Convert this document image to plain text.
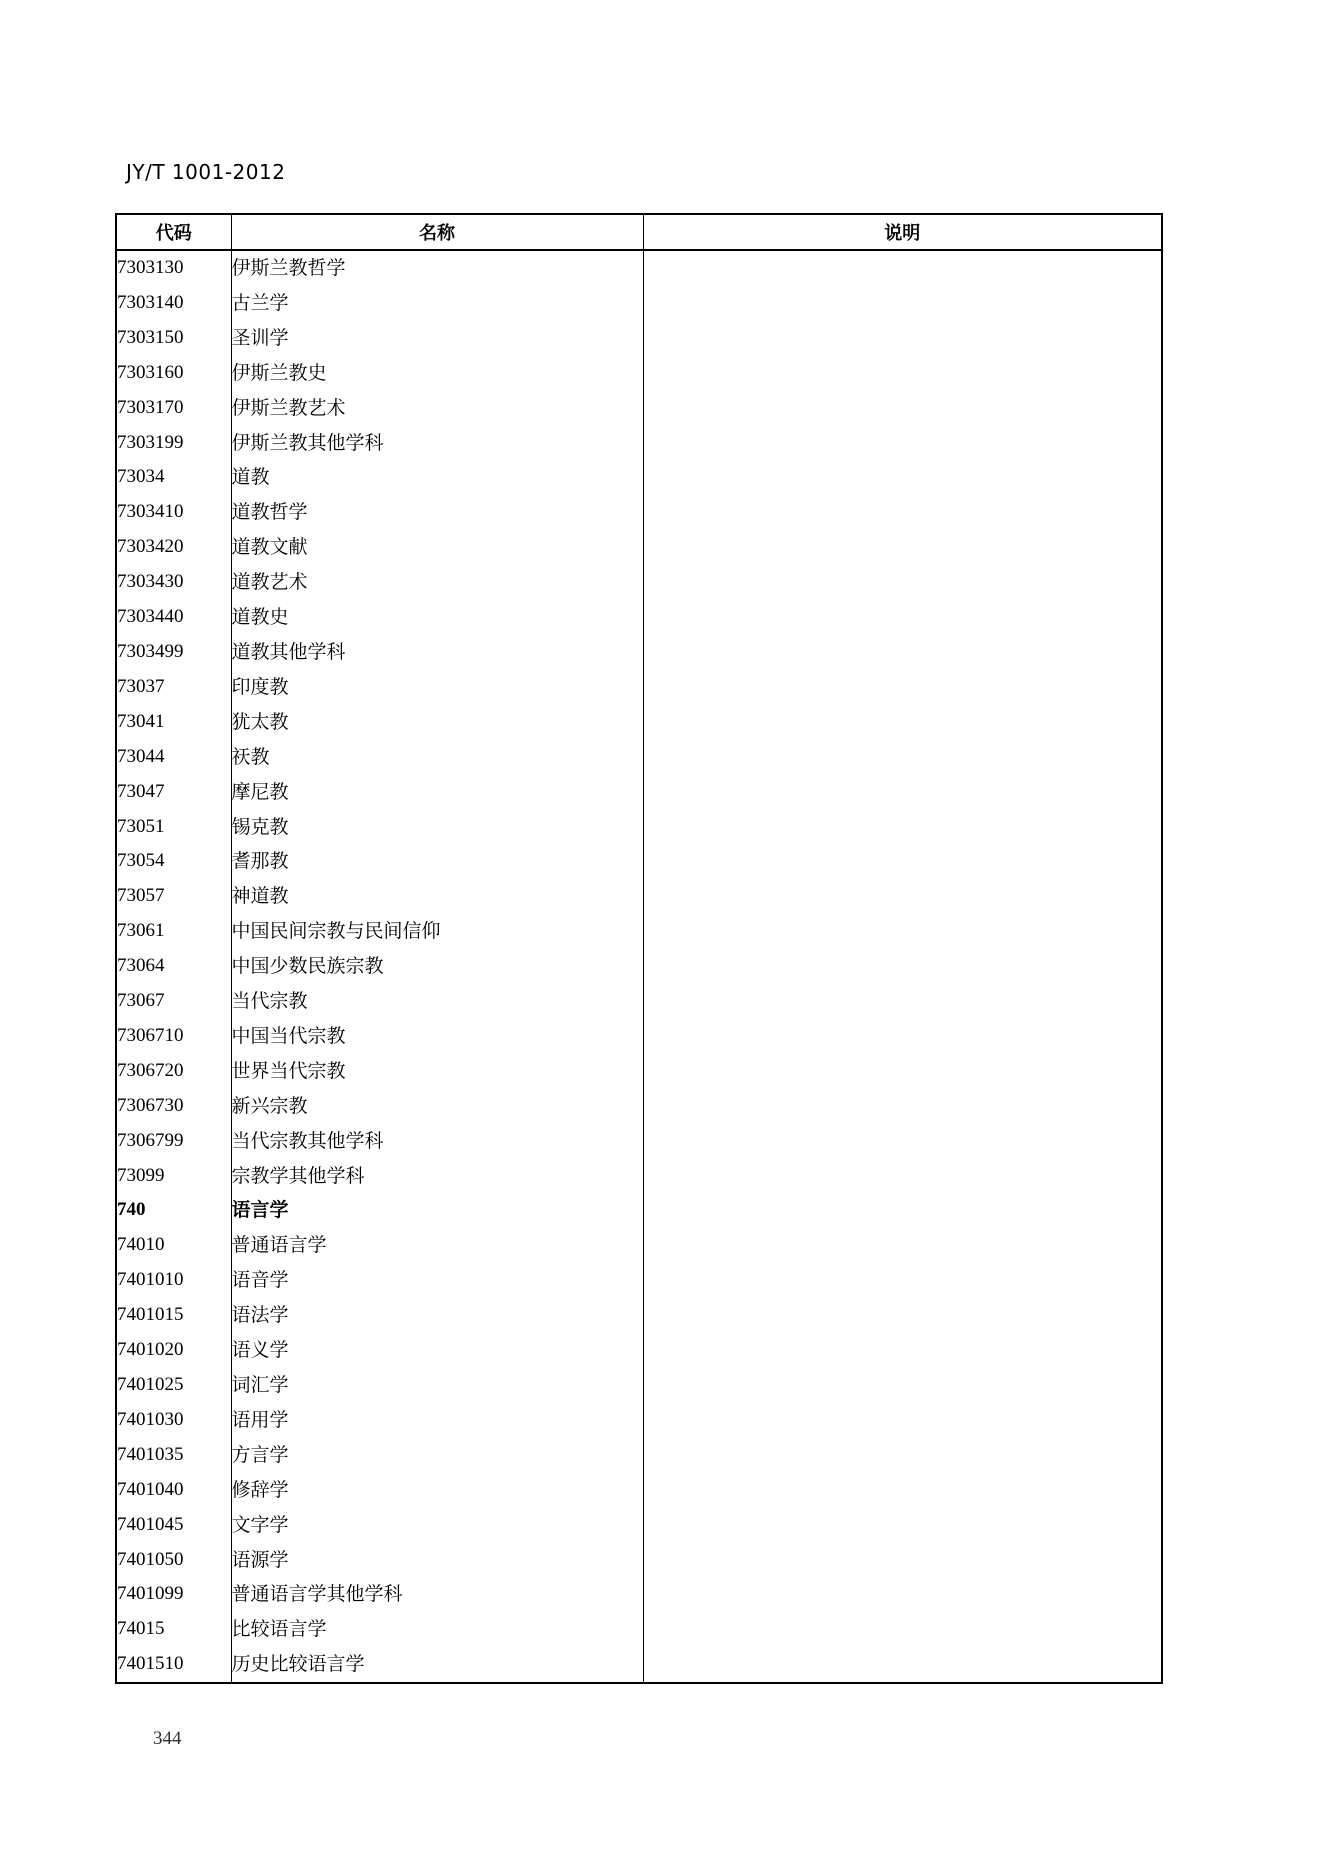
JY/T 1001-2012
代码	名称	说明
7303130	伊斯兰教哲学	
7303140	古兰学	
7303150	圣训学	
7303160	伊斯兰教史	
7303170	伊斯兰教艺术	
7303199	伊斯兰教其他学科	
73034	道教	
7303410	道教哲学	
7303420	道教文献	
7303430	道教艺术	
7303440	道教史	
7303499	道教其他学科	
73037	印度教	
73041	犹太教	
73044	祆教	
73047	摩尼教	
73051	锡克教	
73054	耆那教	
73057	神道教	
73061	中国民间宗教与民间信仰	
73064	中国少数民族宗教	
73067	当代宗教	
7306710	中国当代宗教	
7306720	世界当代宗教	
7306730	新兴宗教	
7306799	当代宗教其他学科	
73099	宗教学其他学科	
740	语言学	
74010	普通语言学	
7401010	语音学	
7401015	语法学	
7401020	语义学	
7401025	词汇学	
7401030	语用学	
7401035	方言学	
7401040	修辞学	
7401045	文字学	
7401050	语源学	
7401099	普通语言学其他学科	
74015	比较语言学	
7401510	历史比较语言学	
344
